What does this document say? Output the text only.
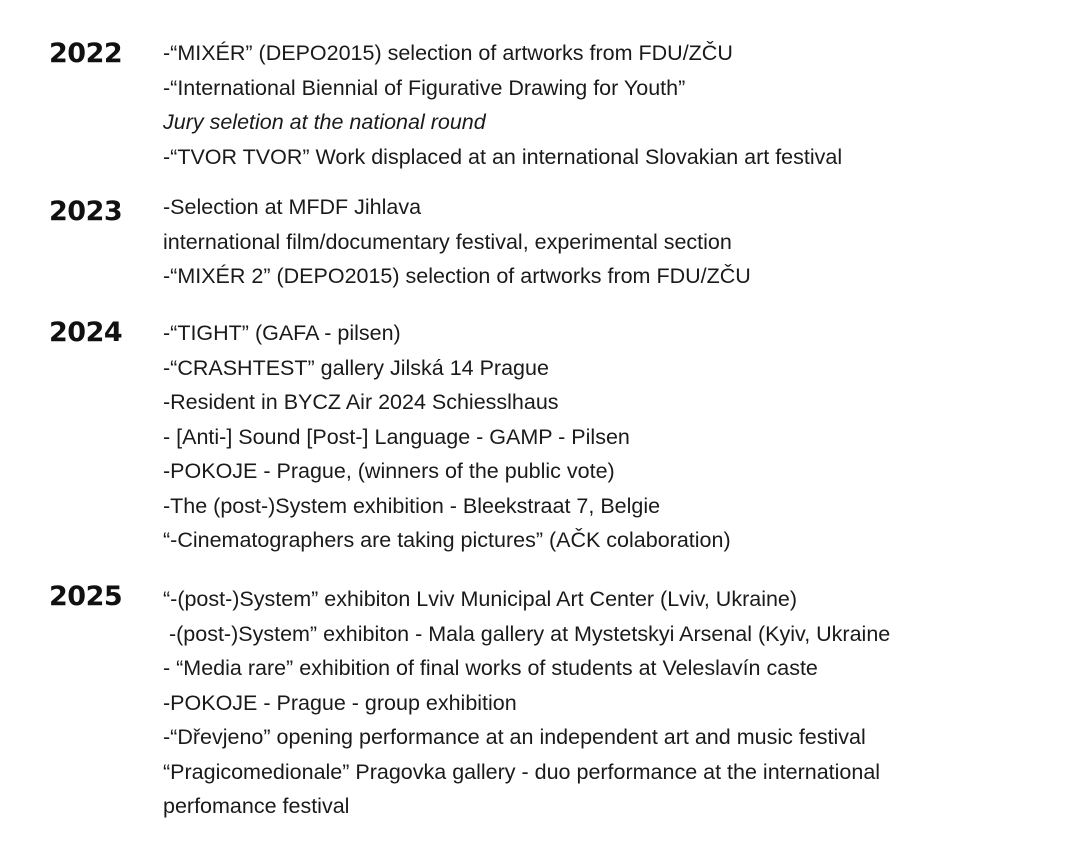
2022 -“MIXÉR” (DEPO2015) selection of artworks from FDU/ZČU
-“International Biennial of Figurative Drawing for Youth”
Jury seletion at the national round
-“TVOR TVOR” Work displaced at an international Slovakian art festival
2023 -Selection at MFDF Jihlava
international film/documentary festival, experimental section
-“MIXÉR 2” (DEPO2015) selection of artworks from FDU/ZČU
2024 -“TIGHT” (GAFA - pilsen)
-“CRASHTEST” gallery Jilská 14 Prague
-Resident in BYCZ Air 2024 Schiesslhaus
- [Anti-] Sound [Post-] Language - GAMP - Pilsen
-POKOJE - Prague, (winners of the public vote)
-The (post-)System exhibition - Bleekstraat 7, Belgie
“-Cinematographers are taking pictures” (AČK colaboration)
2025 “-(post-)System” exhibiton Lviv Municipal Art Center (Lviv, Ukraine)
-(post-)System” exhibiton - Mala gallery at Mystetskyi Arsenal (Kyiv, Ukraine
- “Media rare” exhibition of final works of students at Veleslavín caste
-POKOJE - Prague - group exhibition
-“Dřevjeno” opening performance at an independent art and music festival
“Pragicomedionale” Pragovka gallery - duo performance at the international
perfomance festival
